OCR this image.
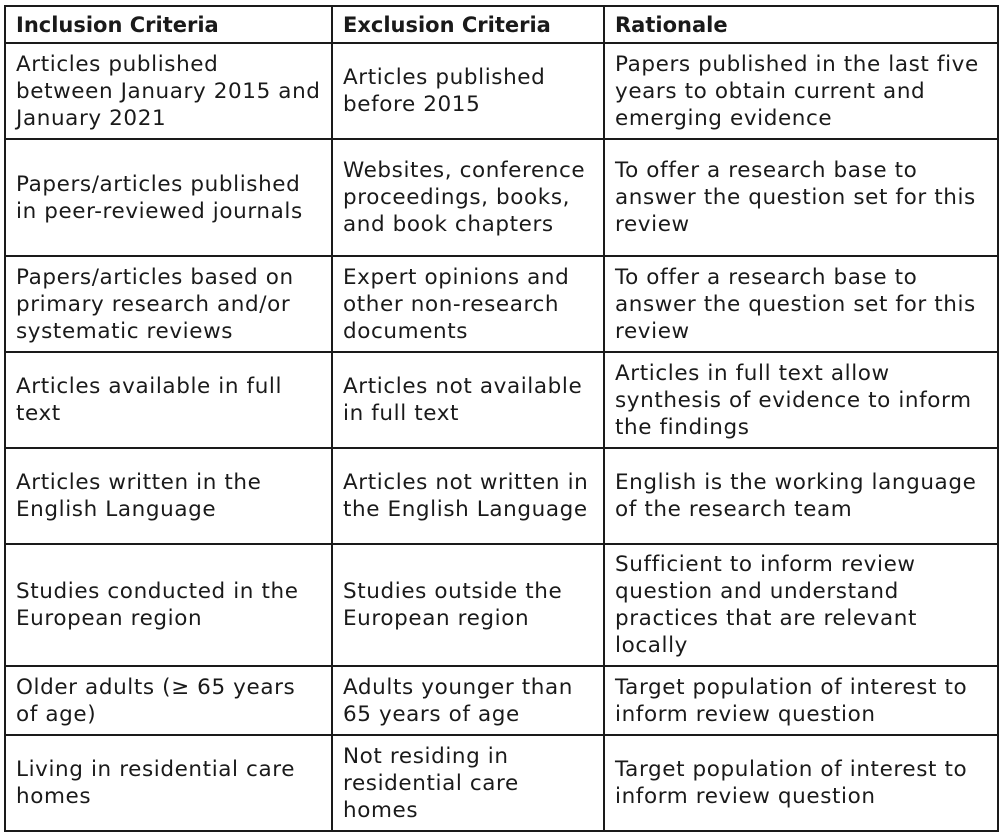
Inclusion Criteria	Exclusion Criteria	Rationale
Articles published between January 2015 and January 2021	Articles published before 2015	Papers published in the last five years to obtain current and emerging evidence
Papers/articles published in peer-reviewed journals	Websites, conference proceedings, books, and book chapters	To offer a research base to answer the question set for this review
Papers/articles based on primary research and/or systematic reviews	Expert opinions and other non-research documents	To offer a research base to answer the question set for this review
Articles available in full text	Articles not available in full text	Articles in full text allow synthesis of evidence to inform the findings
Articles written in the English Language	Articles not written in the English Language	English is the working language of the research team
Studies conducted in the European region	Studies outside the European region	Sufficient to inform review question and understand practices that are relevant locally
Older adults (≥ 65 years of age)	Adults younger than 65 years of age	Target population of interest to inform review question
Living in residential care homes	Not residing in residential care homes	Target population of interest to inform review question
